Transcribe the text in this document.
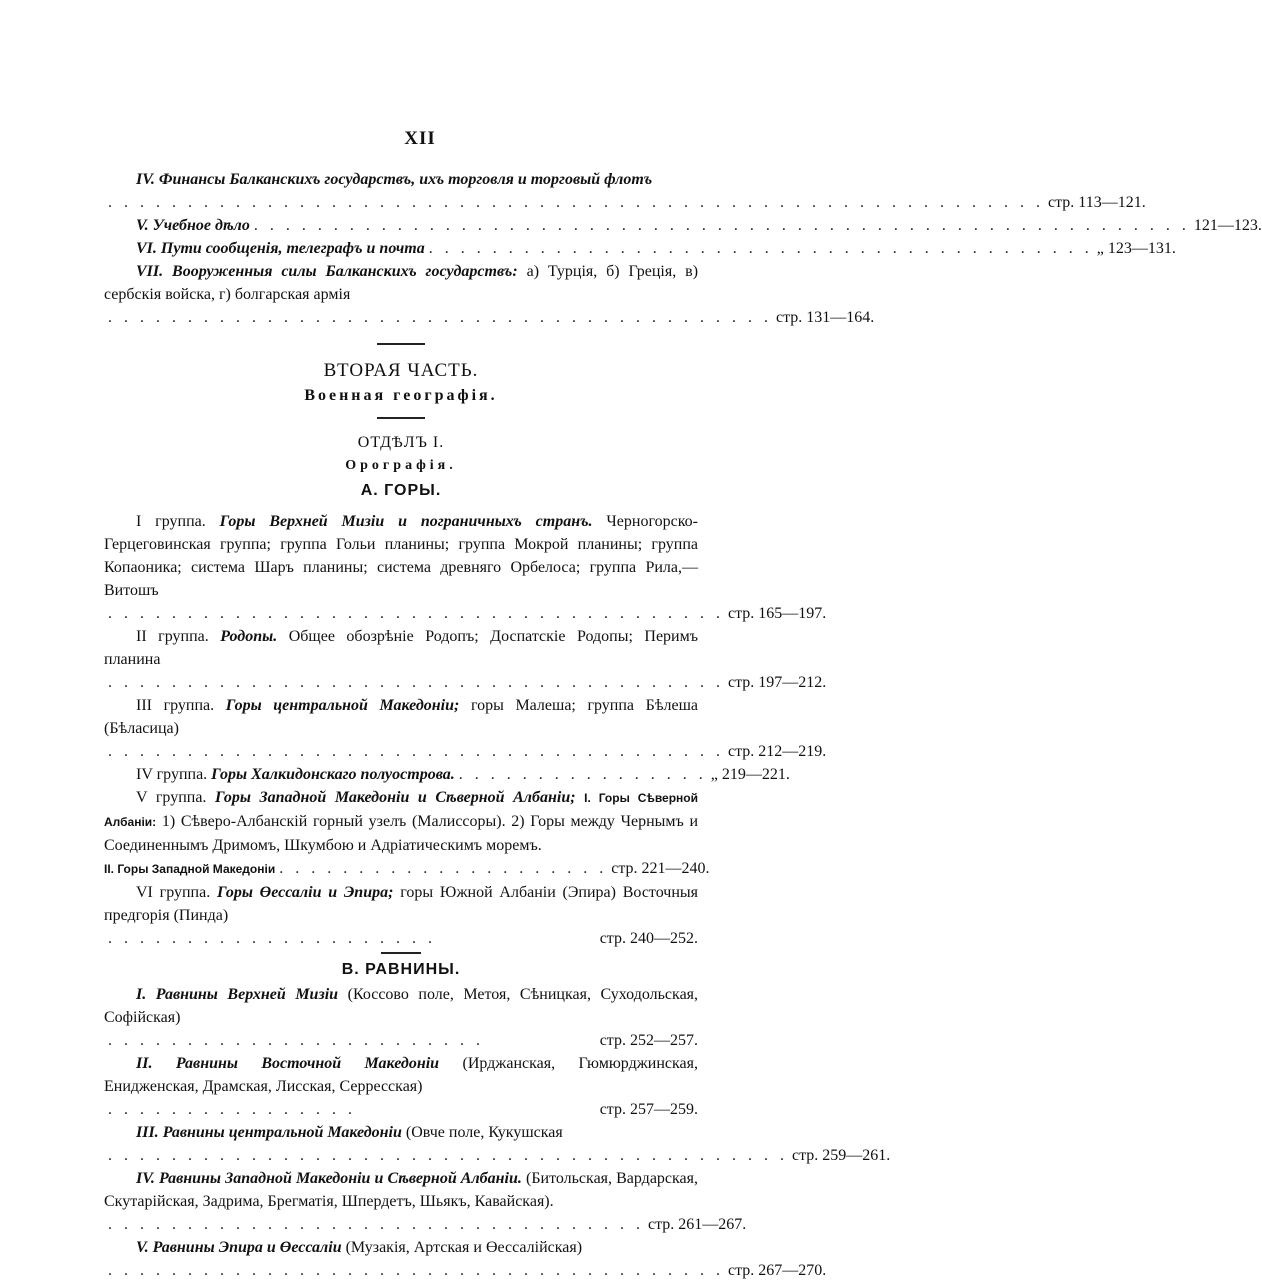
XII

IV. Финансы Балканскихъ государствъ, ихъ торговля и торговый флотъ

. . . . . . . . . . . . . . . . . . . . . . . . . . . . . . . . . . . . . . . . . . . . . . . . . . . . . . . . . . . стр. 113—121.
V. Учебное дѣло . . . . . . . . . . . . . . . . . . . . . . . . . . . . . . . . . . . . . . . . . . . . . . . . . . . . . . . . . . . 121—123.
VI. Пути сообщенія, телеграфъ и почта . . . . . . . . . . . . . . . . . . . . . . . . . . . . . . . . . . . . . . . . . . „ 123—131.

VII. Вооруженныя силы Балканскихъ государствъ: а) Турція, б) Греція, в) сербскія войска, г) болгарская армія

. . . . . . . . . . . . . . . . . . . . . . . . . . . . . . . . . . . . . . . . . . стр. 131—164.
ВТОРАЯ ЧАСТЬ.
Военная географія.
ОТДѢЛЪ I.
Орографія.
А. ГОРЫ.

I группа. Горы Верхней Мизіи и пограничныхъ странъ. Черногорско-Герцеговинская группа; группа Гольи планины; группа Мокрой планины; группа Копаоника; система Шаръ планины; система древняго Орбелоса; группа Рила,—Витошъ

. . . . . . . . . . . . . . . . . . . . . . . . . . . . . . . . . . . . . . . стр. 165—197.

II группа. Родопы. Общее обозрѣніе Родопъ; Доспатскіе Родопы; Перимъ планина

. . . . . . . . . . . . . . . . . . . . . . . . . . . . . . . . . . . . . . . стр. 197—212.

III группа. Горы центральной Македоніи; горы Малеша; группа Бѣлеша (Бѣласица)

. . . . . . . . . . . . . . . . . . . . . . . . . . . . . . . . . . . . . . . стр. 212—219.
IV группа. Горы Халкидонскаго полуострова. . . . . . . . . . . . . . . . . „ 219—221.

V группа. Горы Западной Македоніи и Сѣверной Албаніи; I. Горы Сѣверной Албаніи: 1) Сѣверо-Албанскій горный узелъ (Малиссоры). 2) Горы между Чернымъ и Соединеннымъ Дримомъ, Шкумбою и Адріатическимъ моремъ.

II. Горы Западной Македоніи . . . . . . . . . . . . . . . . . . . . . стр. 221—240.

VI группа. Горы Өессаліи и Эпира; горы Южной Албаніи (Эпира) Восточныя предгорія (Пинда)

. . . . . . . . . . . . . . . . . . . . .	стр. 240—252.
В. РАВНИНЫ.

I. Равнины Верхней Мизіи (Коссово поле, Метоя, Сѣницкая, Суходольская, Софійская)

. . . . . . . . . . . . . . . . . . . . . . . .	стр. 252—257.

II. Равнины Восточной Македоніи (Ирджанская, Гюмюрджинская, Енидженская, Драмская, Лисская, Серресская)

. . . . . . . . . . . . . . . .	стр. 257—259.

III. Равнины центральной Македоніи (Овче поле, Кукушская

. . . . . . . . . . . . . . . . . . . . . . . . . . . . . . . . . . . . . . . . . . . стр. 259—261.

IV. Равнины Западной Македоніи и Сѣверной Албаніи. (Битольская, Вардарская, Скутарійская, Задрима, Брегматія, Шпердетъ, Шьякъ, Кавайская).

. . . . . . . . . . . . . . . . . . . . . . . . . . . . . . . . . . стр. 261—267.

V. Равнины Эпира и Өессаліи (Музакія, Артская и Өессалійская)

. . . . . . . . . . . . . . . . . . . . . . . . . . . . . . . . . . . . . . . стр. 267—270.
